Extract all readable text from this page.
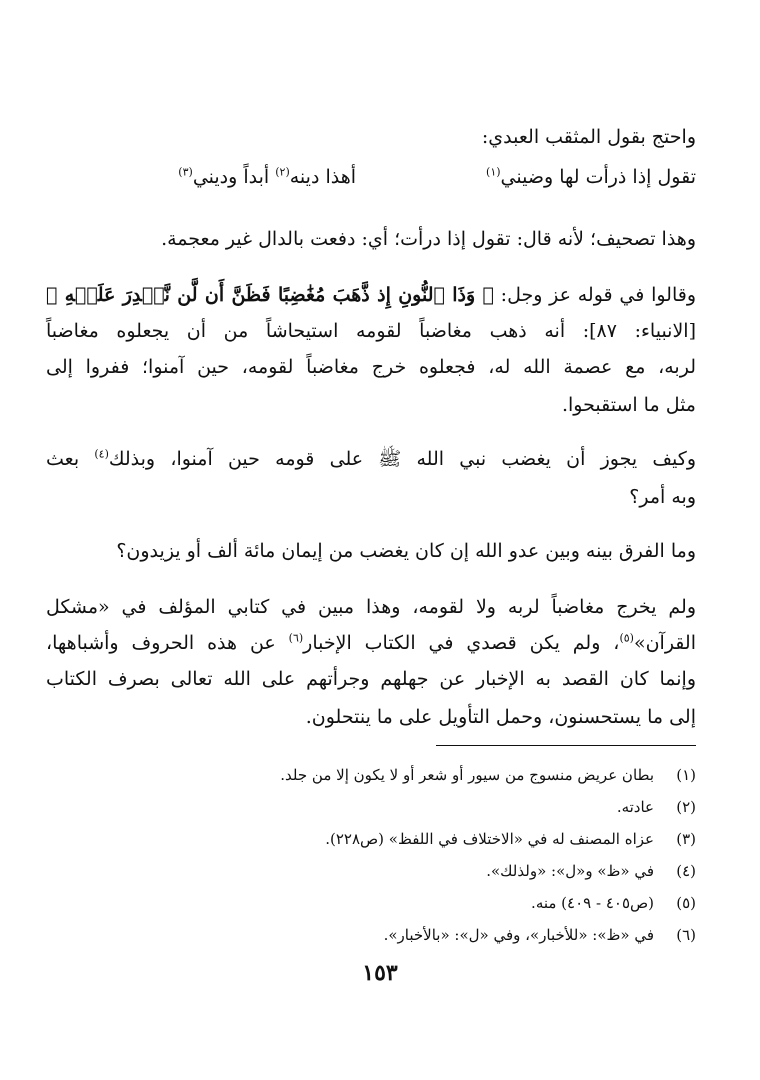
واحتج بقول المثقب العبدي:
تقول إذا ذرأت لها وضيني$^{(١)}$
أهذا دينه$^{(٢)}$ أبداً وديني$^{(٣)}$
وهذا تصحيف؛ لأنه قال: تقول إذا درأت؛ أي: دفعت بالدال غير معجمة.
وقالوا في قوله عز وجل: ﴿ وَذَا ٱلنُّونِ إِذ ذَّهَبَ مُغَٰضِبًا فَظَنَّ أَن لَّن نَّقۡدِرَ عَلَيۡهِ ﴾
[الانبياء: ٨٧]: أنه ذهب مغاضباً لقومه استيحاشاً من أن يجعلوه مغاضباً
لربه، مع عصمة الله له، فجعلوه خرج مغاضباً لقومه، حين آمنوا؛ ففروا إلى
مثل ما استقبحوا.
وكيف يجوز أن يغضب نبي الله ﷺ على قومه حين آمنوا، وبذلك$^{(٤)}$ بعث
وبه أمر؟
وما الفرق بينه وبين عدو الله إن كان يغضب من إيمان مائة ألف أو يزيدون؟
ولم يخرج مغاضباً لربه ولا لقومه، وهذا مبين في كتابي المؤلف في «مشكل
القرآن»$^{(٥)}$، ولم يكن قصدي في الكتاب الإخبار$^{(٦)}$ عن هذه الحروف وأشباهها،
وإنما كان القصد به الإخبار عن جهلهم وجرأتهم على الله تعالى بصرف الكتاب
إلى ما يستحسنون، وحمل التأويل على ما ينتحلون.
(١)بطان عريض منسوج من سيور أو شعر أو لا يكون إلا من جلد.
(٢)عادته.
(٣)عزاه المصنف له في «الاختلاف في اللفظ» (ص٢٢٨).
(٤)في «ظ» و«ل»: «ولذلك».
(٥)(ص٤٠٥ - ٤٠٩) منه.
(٦)في «ظ»: «للأخبار»، وفي «ل»: «بالأخبار».
١٥٣
